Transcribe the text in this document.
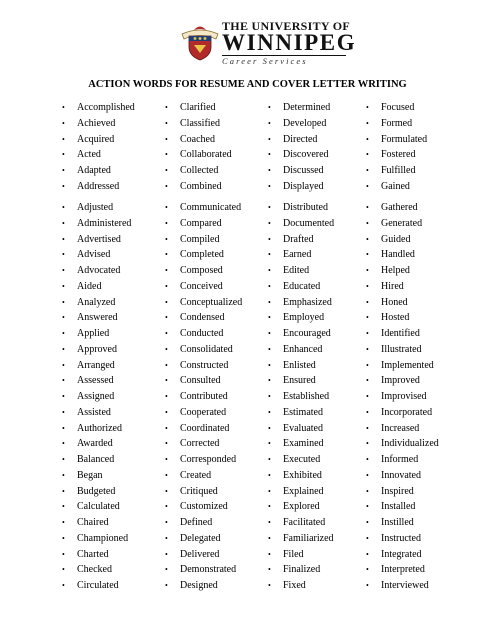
THE UNIVERSITY OF
WINNIPEG
Career Services
ACTION WORDS FOR RESUME AND COVER LETTER WRITING
•	Accomplished
•	Achieved
•	Acquired
•	Acted
•	Adapted
•	Addressed
•	Adjusted
•	Administered
•	Advertised
•	Advised
•	Advocated
•	Aided
•	Analyzed
•	Answered
•	Applied
•	Approved
•	Arranged
•	Assessed
•	Assigned
•	Assisted
•	Authorized
•	Awarded
•	Balanced
•	Began
•	Budgeted
•	Calculated
•	Chaired
•	Championed
•	Charted
•	Checked
•	Circulated
•	Clarified
•	Classified
•	Coached
•	Collaborated
•	Collected
•	Combined
•	Communicated
•	Compared
•	Compiled
•	Completed
•	Composed
•	Conceived
•	Conceptualized
•	Condensed
•	Conducted
•	Consolidated
•	Constructed
•	Consulted
•	Contributed
•	Cooperated
•	Coordinated
•	Corrected
•	Corresponded
•	Created
•	Critiqued
•	Customized
•	Defined
•	Delegated
•	Delivered
•	Demonstrated
•	Designed
•	Determined
•	Developed
•	Directed
•	Discovered
•	Discussed
•	Displayed
•	Distributed
•	Documented
•	Drafted
•	Earned
•	Edited
•	Educated
•	Emphasized
•	Employed
•	Encouraged
•	Enhanced
•	Enlisted
•	Ensured
•	Established
•	Estimated
•	Evaluated
•	Examined
•	Executed
•	Exhibited
•	Explained
•	Explored
•	Facilitated
•	Familiarized
•	Filed
•	Finalized
•	Fixed
•	Focused
•	Formed
•	Formulated
•	Fostered
•	Fulfilled
•	Gained
•	Gathered
•	Generated
•	Guided
•	Handled
•	Helped
•	Hired
•	Honed
•	Hosted
•	Identified
•	Illustrated
•	Implemented
•	Improved
•	Improvised
•	Incorporated
•	Increased
•	Individualized
•	Informed
•	Innovated
•	Inspired
•	Installed
•	Instilled
•	Instructed
•	Integrated
•	Interpreted
•	Interviewed
